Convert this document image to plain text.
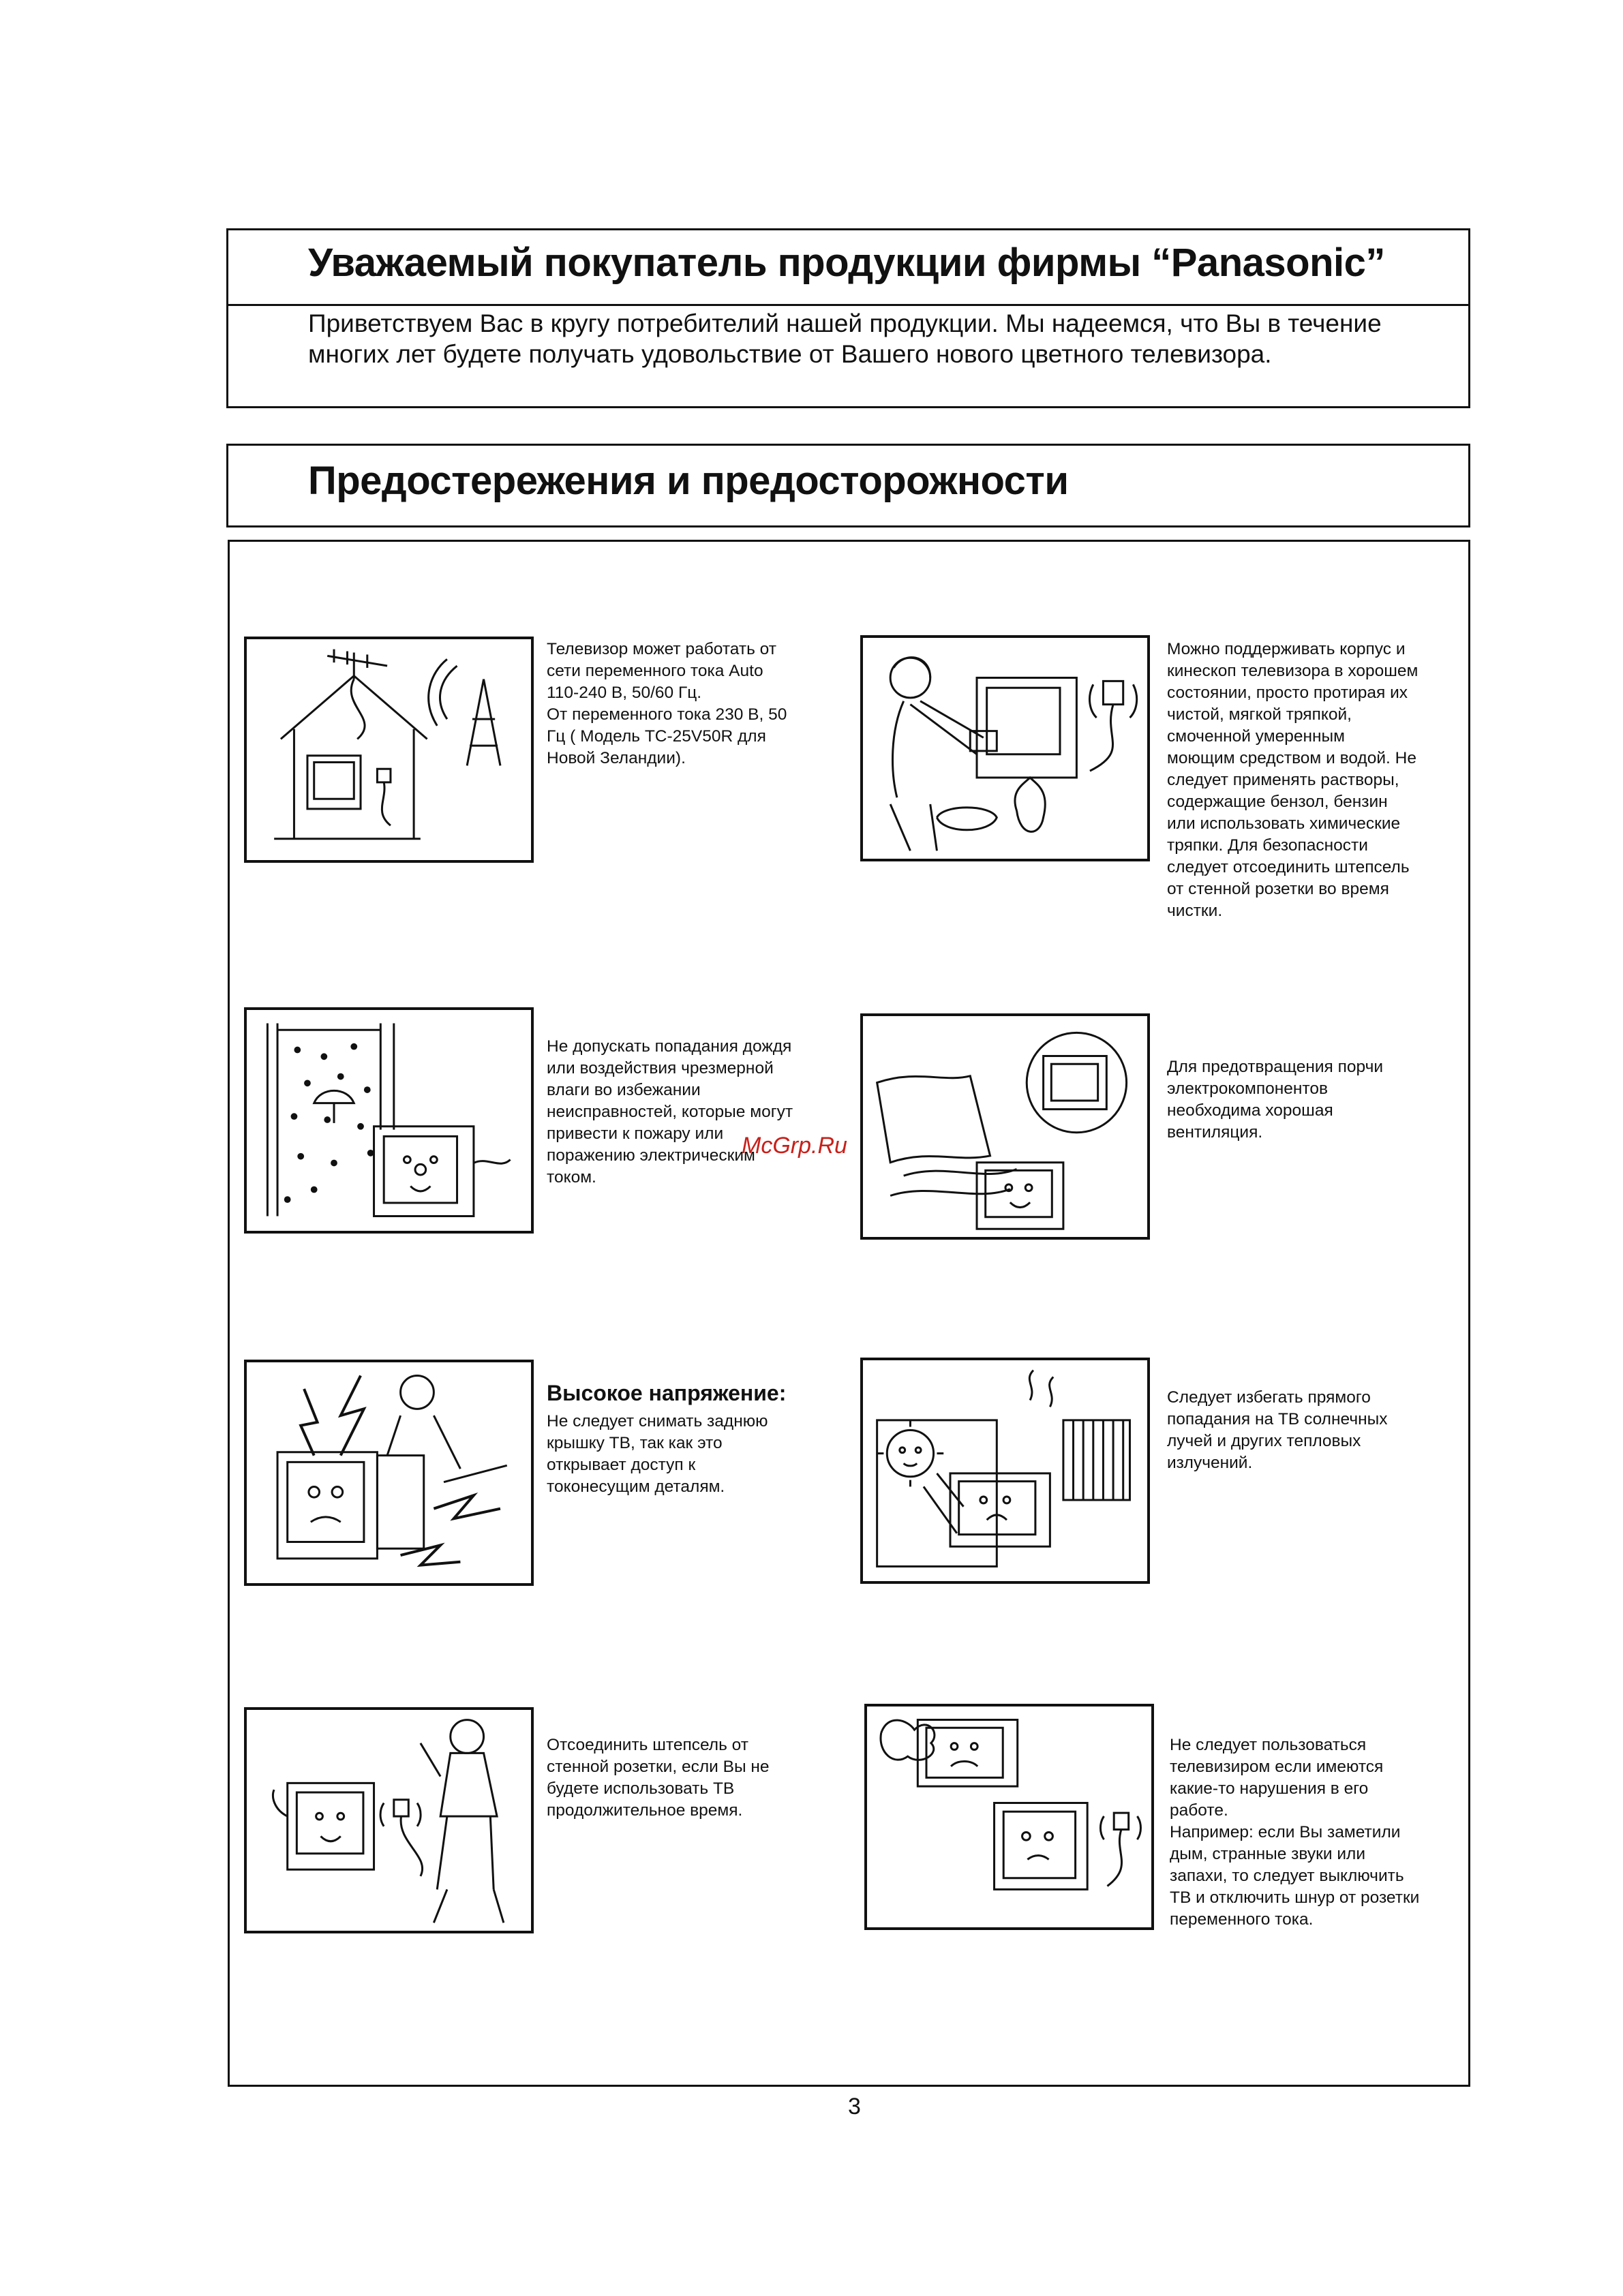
Уважаемый покупатель продукции фирмы “Panasonic”
Приветствуем Вас в кругу потребителий нашей продукции. Мы надеемся, что Вы в течение многих лет будете получать удовольствие от Вашего нового цветного телевизора.
Предостережения и предосторожности

Телевизор может работать от
сети переменного тока Auto
110-240 В, 50/60 Гц.
От переменного тока 230 В, 50
Гц ( Модель ТС-25V50R для
Новой Зеландии).

Можно поддерживать корпус и
кинескоп телевизора в хорошем
состоянии, просто протирая их
чистой, мягкой тряпкой,
смоченной умеренным
моющим средством и водой. Не
следует применять растворы,
содержащие бензол, бензин
или использовать химические
тряпки. Для безопасности
следует отсоединить штепсель
от стенной розетки во время
чистки.

Не допускать попадания дождя
или воздействия чрезмерной
влаги во избежании
неисправностей, которые могут
привести к пожару или
поражению электрическим
током.

Для предотвращения порчи
электрокомпонентов
необходима хорошая
вентиляция.

Высокое напряжение:

Не следует снимать заднюю
крышку ТВ, так как это
открывает доступ к
токонесущим деталям.

Следует избегать прямого
попадания на ТВ солнечных
лучей и других тепловых
излучений.

Отсоединить штепсель от
стенной розетки, если Вы не
будете использовать ТВ
продолжительное время.

Не следует пользоваться
телевизиром если имеются
какие-то нарушения в его
работе.
Например: если Вы заметили
дым, странные звуки или
запахи, то следует выключить
ТВ и отключить шнур от розетки
переменного тока.

McGrp.Ru
3
